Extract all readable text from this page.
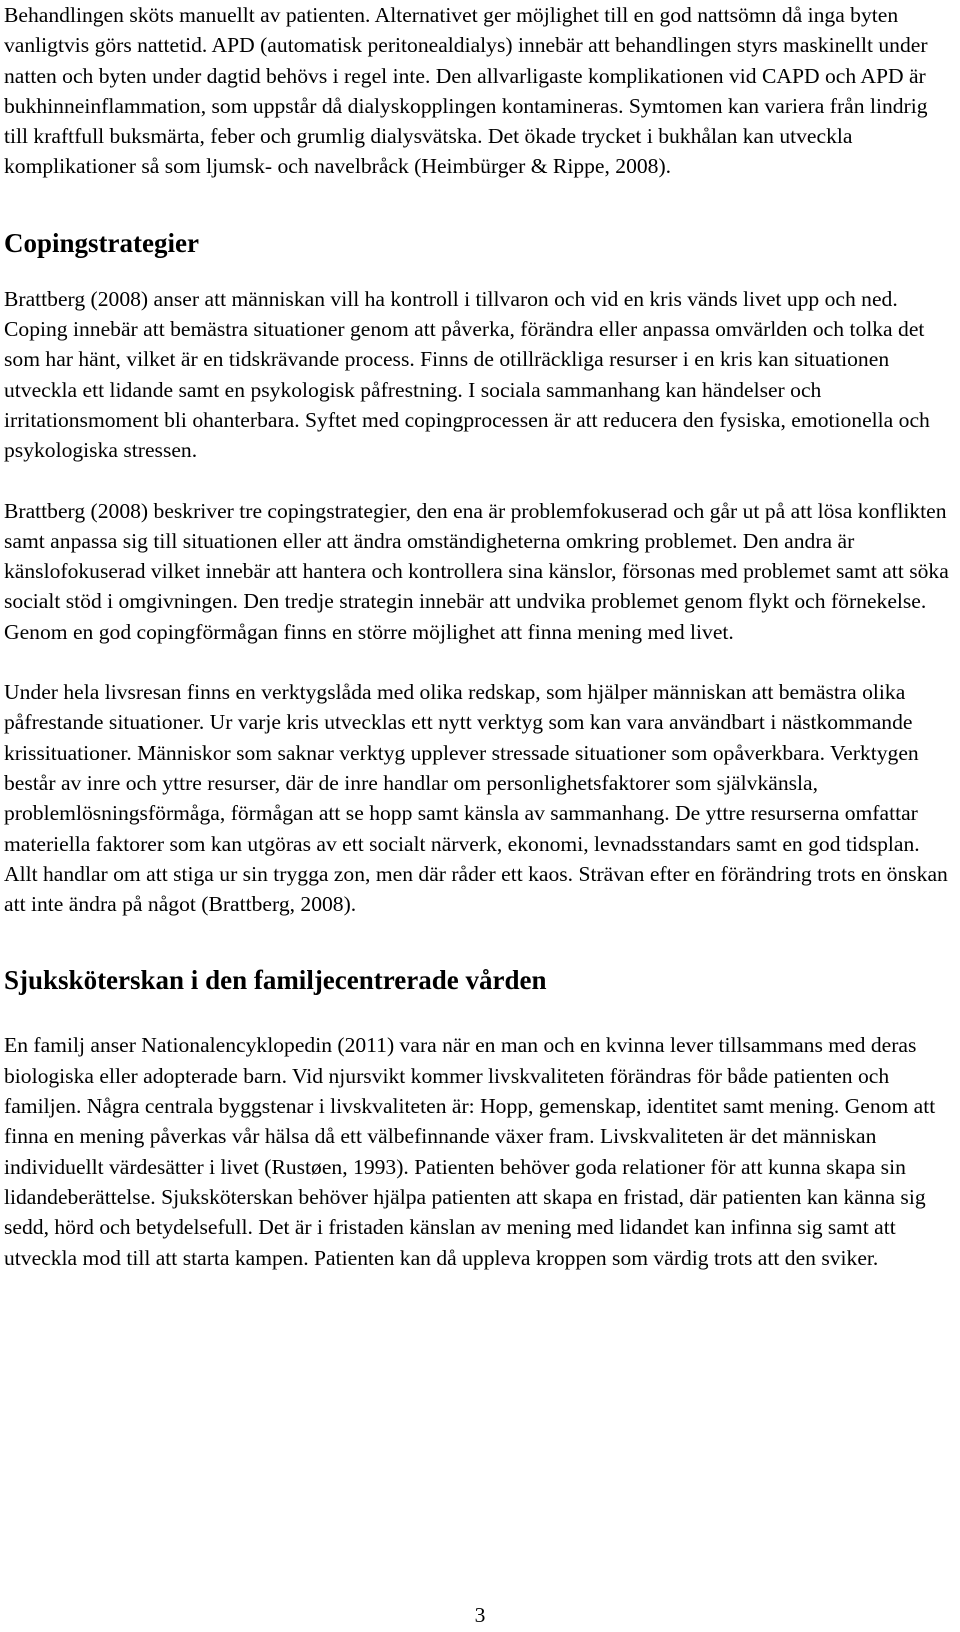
Behandlingen sköts manuellt av patienten. Alternativet ger möjlighet till en god nattsömn då inga byten vanligtvis görs nattetid. APD (automatisk peritonealdialys) innebär att behandlingen styrs maskinellt under natten och byten under dagtid behövs i regel inte. Den allvarligaste komplikationen vid CAPD och APD är bukhinneinflammation, som uppstår då dialyskopplingen kontamineras. Symtomen kan variera från lindrig till kraftfull buksmärta, feber och grumlig dialysvätska. Det ökade trycket i bukhålan kan utveckla komplikationer så som ljumsk- och navelbråck (Heimbürger & Rippe, 2008).

Copingstrategier

Brattberg (2008) anser att människan vill ha kontroll i tillvaron och vid en kris vänds livet upp och ned. Coping innebär att bemästra situationer genom att påverka, förändra eller anpassa omvärlden och tolka det som har hänt, vilket är en tidskrävande process. Finns de otillräckliga resurser i en kris kan situationen utveckla ett lidande samt en psykologisk påfrestning. I sociala sammanhang kan händelser och irritationsmoment bli ohanterbara. Syftet med copingprocessen är att reducera den fysiska, emotionella och psykologiska stressen.

Brattberg (2008) beskriver tre copingstrategier, den ena är problemfokuserad och går ut på att lösa konflikten samt anpassa sig till situationen eller att ändra omständigheterna omkring problemet. Den andra är känslofokuserad vilket innebär att hantera och kontrollera sina känslor, försonas med problemet samt att söka socialt stöd i omgivningen. Den tredje strategin innebär att undvika problemet genom flykt och förnekelse. Genom en god copingförmågan finns en större möjlighet att finna mening med livet.

Under hela livsresan finns en verktygslåda med olika redskap, som hjälper människan att bemästra olika påfrestande situationer. Ur varje kris utvecklas ett nytt verktyg som kan vara användbart i nästkommande krissituationer. Människor som saknar verktyg upplever stressade situationer som opåverkbara. Verktygen består av inre och yttre resurser, där de inre handlar om personlighetsfaktorer som självkänsla, problemlösningsförmåga, förmågan att se hopp samt känsla av sammanhang. De yttre resurserna omfattar materiella faktorer som kan utgöras av ett socialt närverk, ekonomi, levnadsstandars samt en god tidsplan. Allt handlar om att stiga ur sin trygga zon, men där råder ett kaos. Strävan efter en förändring trots en önskan att inte ändra på något (Brattberg, 2008).

Sjuksköterskan i den familjecentrerade vården

En familj anser Nationalencyklopedin (2011) vara när en man och en kvinna lever tillsammans med deras biologiska eller adopterade barn. Vid njursvikt kommer livskvaliteten förändras för både patienten och familjen. Några centrala byggstenar i livskvaliteten är: Hopp, gemenskap, identitet samt mening. Genom att finna en mening påverkas vår hälsa då ett välbefinnande växer fram. Livskvaliteten är det människan individuellt värdesätter i livet (Rustøen, 1993). Patienten behöver goda relationer för att kunna skapa sin lidandeberättelse. Sjuksköterskan behöver hjälpa patienten att skapa en fristad, där patienten kan känna sig sedd, hörd och betydelsefull. Det är i fristaden känslan av mening med lidandet kan infinna sig samt att utveckla mod till att starta kampen. Patienten kan då uppleva kroppen som värdig trots att den sviker.

3
